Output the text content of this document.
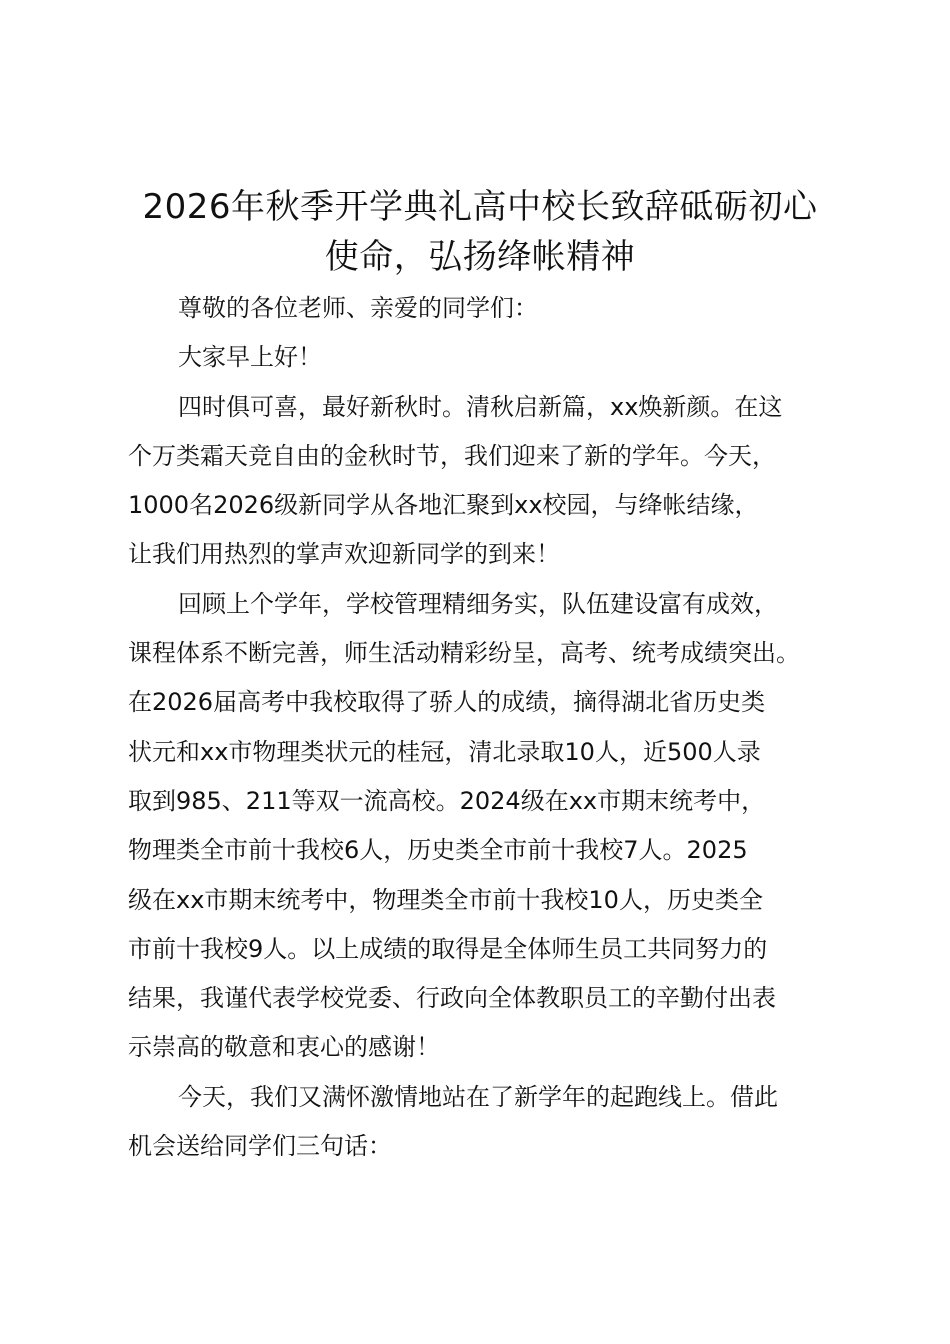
2026年秋季开学典礼高中校长致辞砥砺初心
使命，弘扬绛帐精神

尊敬的各位老师、亲爱的同学们：

大家早上好！

四时俱可喜，最好新秋时。清秋启新篇，xx焕新颜。在这
个万类霜天竞自由的金秋时节，我们迎来了新的学年。今天，
1000名2026级新同学从各地汇聚到xx校园，与绛帐结缘，
让我们用热烈的掌声欢迎新同学的到来！

回顾上个学年，学校管理精细务实，队伍建设富有成效，
课程体系不断完善，师生活动精彩纷呈，高考、统考成绩突出。
在2026届高考中我校取得了骄人的成绩，摘得湖北省历史类
状元和xx市物理类状元的桂冠，清北录取10人，近500人录
取到985、211等双一流高校。2024级在xx市期末统考中，
物理类全市前十我校6人，历史类全市前十我校7人。2025
级在xx市期末统考中，物理类全市前十我校10人，历史类全
市前十我校9人。以上成绩的取得是全体师生员工共同努力的
结果，我谨代表学校党委、行政向全体教职员工的辛勤付出表
示崇高的敬意和衷心的感谢！

今天，我们又满怀激情地站在了新学年的起跑线上。借此
机会送给同学们三句话：
